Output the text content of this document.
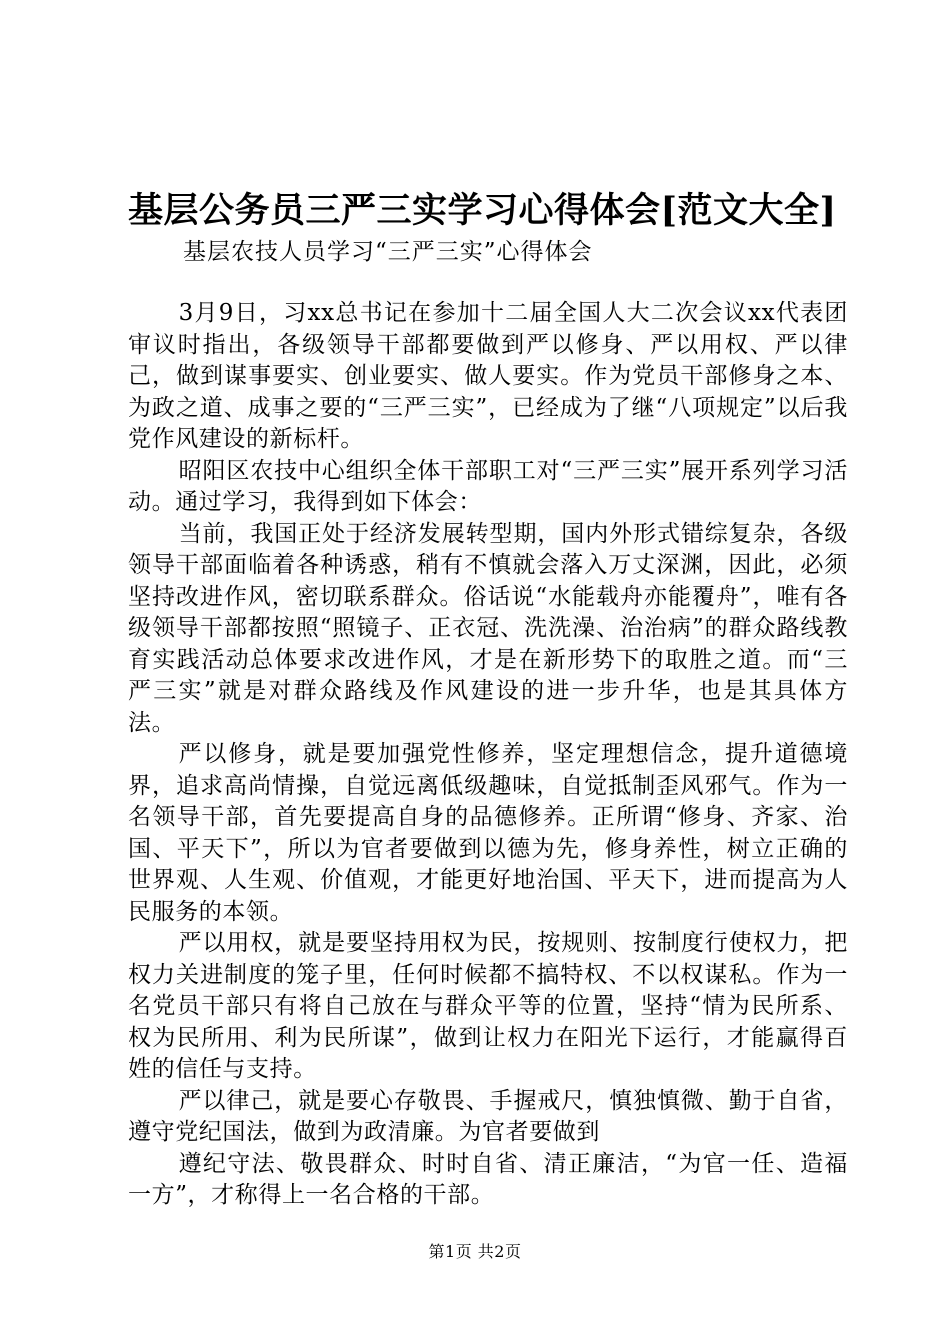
基层公务员三严三实学习心得体会[范文大全]
基层农技人员学习“三严三实”心得体会

3月9日，习xx总书记在参加十二届全国人大二次会议xx代表团审议时指出，各级领导干部都要做到严以修身、严以用权、严以律己，做到谋事要实、创业要实、做人要实。作为党员干部修身之本、为政之道、成事之要的“三严三实”，已经成为了继“八项规定”以后我党作风建设的新标杆。

昭阳区农技中心组织全体干部职工对“三严三实”展开系列学习活动。通过学习，我得到如下体会：

当前，我国正处于经济发展转型期，国内外形式错综复杂，各级领导干部面临着各种诱惑，稍有不慎就会落入万丈深渊，因此，必须坚持改进作风，密切联系群众。俗话说“水能载舟亦能覆舟”，唯有各级领导干部都按照“照镜子、正衣冠、洗洗澡、治治病”的群众路线教育实践活动总体要求改进作风，才是在新形势下的取胜之道。而“三严三实”就是对群众路线及作风建设的进一步升华，也是其具体方法。

严以修身，就是要加强党性修养，坚定理想信念，提升道德境界，追求高尚情操，自觉远离低级趣味，自觉抵制歪风邪气。作为一名领导干部，首先要提高自身的品德修养。正所谓“修身、齐家、治国、平天下”，所以为官者要做到以德为先，修身养性，树立正确的世界观、人生观、价值观，才能更好地治国、平天下，进而提高为人民服务的本领。

严以用权，就是要坚持用权为民，按规则、按制度行使权力，把权力关进制度的笼子里，任何时候都不搞特权、不以权谋私。作为一名党员干部只有将自己放在与群众平等的位置，坚持“情为民所系、权为民所用、利为民所谋”，做到让权力在阳光下运行，才能赢得百姓的信任与支持。

严以律己，就是要心存敬畏、手握戒尺，慎独慎微、勤于自省，遵守党纪国法，做到为政清廉。为官者要做到

遵纪守法、敬畏群众、时时自省、清正廉洁，“为官一任、造福一方”，才称得上一名合格的干部。

第1页 共2页
